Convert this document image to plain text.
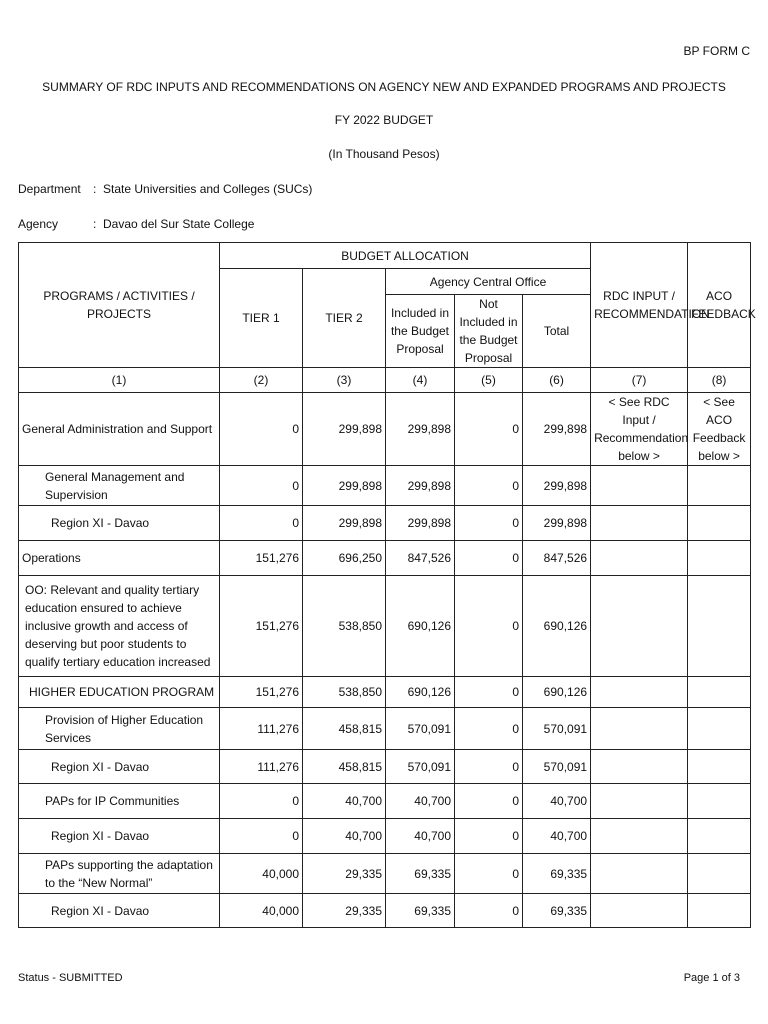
BP FORM C
SUMMARY OF RDC INPUTS AND RECOMMENDATIONS ON AGENCY NEW AND EXPANDED PROGRAMS AND PROJECTS
FY 2022 BUDGET
(In Thousand Pesos)
Department : State Universities and Colleges (SUCs)
Agency	: Davao del Sur State College
PROGRAMS / ACTIVITIES / PROJECTS	BUDGET ALLOCATION					RDC INPUT / RECOMMENDATION	ACO FEEDBACK
	TIER 1	TIER 2	Agency Central Office				
			Included in the Budget Proposal	Not Included in the Budget Proposal	Total		
(1)	(2)	(3)	(4)	(5)	(6)	(7)	(8)
General Administration and Support	0	299,898	299,898	0	299,898	< See RDC Input / Recommendation below >	< See ACO Feedback below >
General Management and Supervision	0	299,898	299,898	0	299,898		
Region XI - Davao	0	299,898	299,898	0	299,898		
Operations	151,276	696,250	847,526	0	847,526		
OO: Relevant and quality tertiary education ensured to achieve inclusive growth and access of deserving but poor students to qualify tertiary education increased	151,276	538,850	690,126	0	690,126		
HIGHER EDUCATION PROGRAM	151,276	538,850	690,126	0	690,126		
Provision of Higher Education Services	111,276	458,815	570,091	0	570,091		
Region XI - Davao	111,276	458,815	570,091	0	570,091		
PAPs for IP Communities	0	40,700	40,700	0	40,700		
Region XI - Davao	0	40,700	40,700	0	40,700		
PAPs supporting the adaptation to the “New Normal”	40,000	29,335	69,335	0	69,335		
Region XI - Davao	40,000	29,335	69,335	0	69,335		
Status - SUBMITTED	Page 1 of 3
